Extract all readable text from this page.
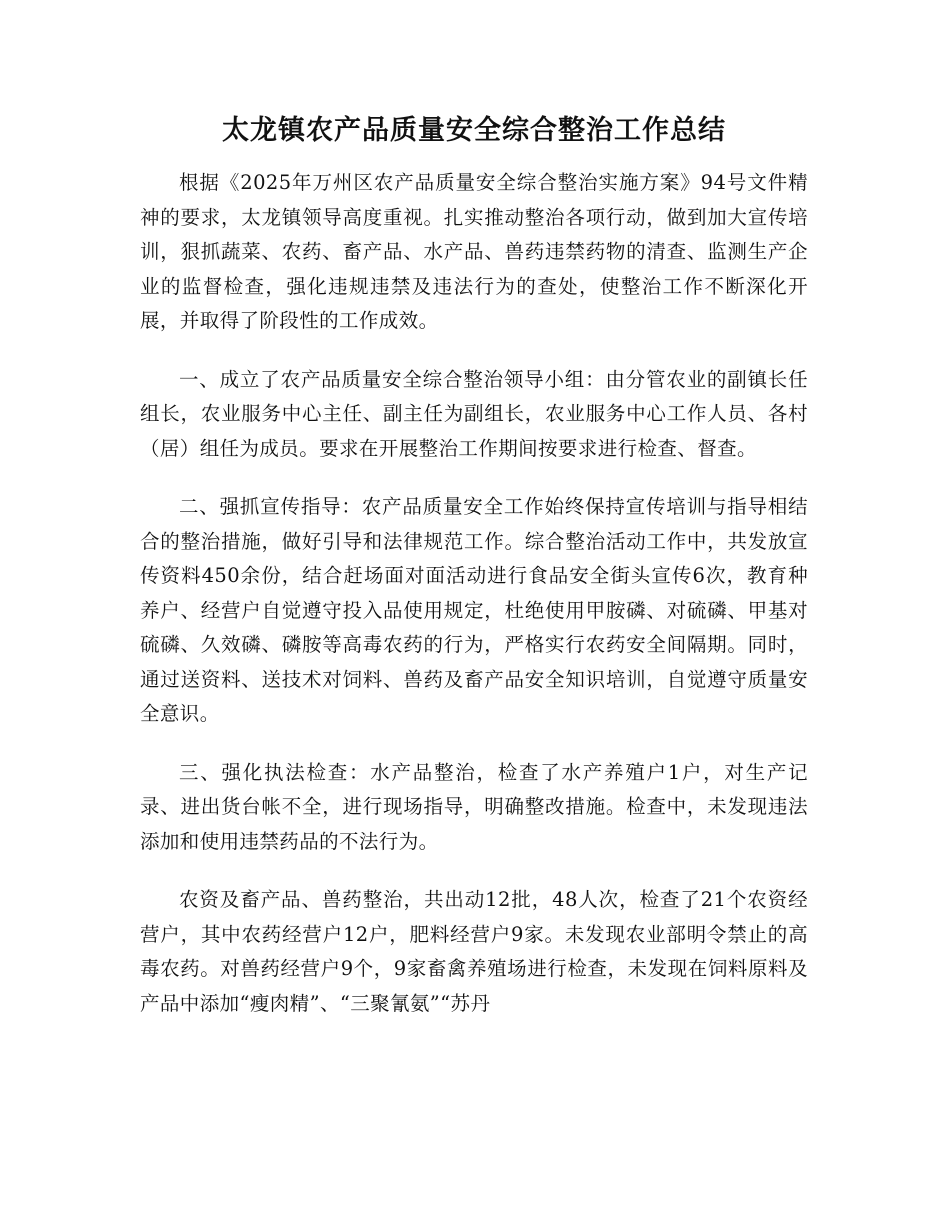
太龙镇农产品质量安全综合整治工作总结

根据《2025年万州区农产品质量安全综合整治实施方案》94号文件精神的要求，太龙镇领导高度重视。扎实推动整治各项行动，做到加大宣传培训，狠抓蔬菜、农药、畜产品、水产品、兽药违禁药物的清查、监测生产企业的监督检查，强化违规违禁及违法行为的查处，使整治工作不断深化开展，并取得了阶段性的工作成效。

一、成立了农产品质量安全综合整治领导小组：由分管农业的副镇长任组长，农业服务中心主任、副主任为副组长，农业服务中心工作人员、各村（居）组任为成员。要求在开展整治工作期间按要求进行检查、督查。

二、强抓宣传指导：农产品质量安全工作始终保持宣传培训与指导相结合的整治措施，做好引导和法律规范工作。综合整治活动工作中，共发放宣传资料450余份，结合赶场面对面活动进行食品安全街头宣传6次，教育种养户、经营户自觉遵守投入品使用规定，杜绝使用甲胺磷、对硫磷、甲基对硫磷、久效磷、磷胺等高毒农药的行为，严格实行农药安全间隔期。同时，通过送资料、送技术对饲料、兽药及畜产品安全知识培训，自觉遵守质量安全意识。

三、强化执法检查：水产品整治，检查了水产养殖户1户，对生产记录、进出货台帐不全，进行现场指导，明确整改措施。检查中，未发现违法添加和使用违禁药品的不法行为。

农资及畜产品、兽药整治，共出动12批，48人次，检查了21个农资经营户，其中农药经营户12户，肥料经营户9家。未发现农业部明令禁止的高毒农药。对兽药经营户9个，9家畜禽养殖场进行检查，未发现在饲料原料及产品中添加“瘦肉精”、“三聚氰氨”“苏丹
